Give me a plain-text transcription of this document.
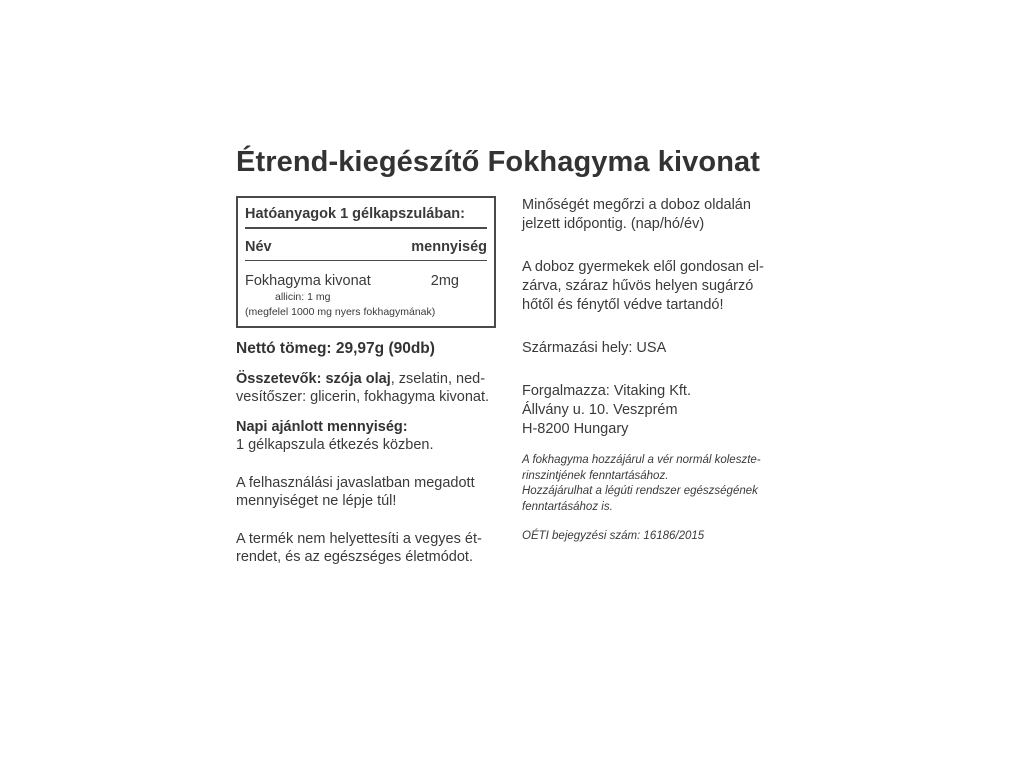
Étrend-kiegészítő Fokhagyma kivonat
Hatóanyagok 1 gélkapszulában:
Név	mennyiség
Fokhagyma kivonat	2mg
allicin: 1 mg
(megfelel 1000 mg nyers fokhagymának)
Nettó tömeg: 29,97g (90db)
Összetevők: szója olaj, zselatin, ned-
vesítőszer: glicerin, fokhagyma kivonat.
Napi ajánlott mennyiség:
1 gélkapszula étkezés közben.
A felhasználási javaslatban megadott
mennyiséget ne lépje túl!
A termék nem helyettesíti a vegyes ét-
rendet, és az egészséges életmódot.
Minőségét megőrzi a doboz oldalán
jelzett időpontig. (nap/hó/év)
A doboz gyermekek elől gondosan el-
zárva, száraz hűvös helyen sugárzó
hőtől és fénytől védve tartandó!
Származási hely: USA
Forgalmazza: Vitaking Kft.
Állvány u. 10. Veszprém
H-8200 Hungary
A fokhagyma hozzájárul a vér normál koleszte-
rinszintjének fenntartásához.
Hozzájárulhat a légúti rendszer egészségének
fenntartásához is.
OÉTI bejegyzési szám: 16186/2015
